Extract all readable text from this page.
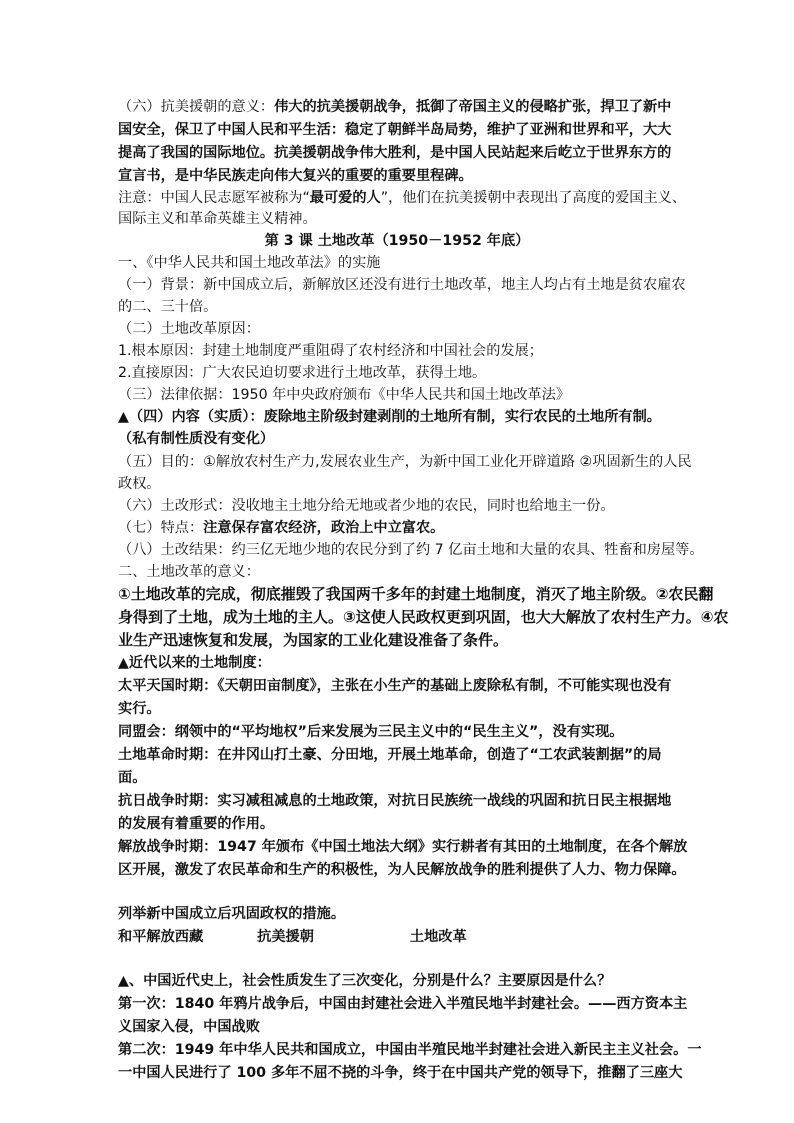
（六）抗美援朝的意义：伟大的抗美援朝战争，抵御了帝国主义的侵略扩张，捍卫了新中
国安全，保卫了中国人民和平生活：稳定了朝鲜半岛局势，维护了亚洲和世界和平，大大
提高了我国的国际地位。抗美援朝战争伟大胜利，是中国人民站起来后屹立于世界东方的
宣言书，是中华民族走向伟大复兴的重要的重要里程碑。
注意：中国人民志愿军被称为“最可爱的人”，他们在抗美援朝中表现出了高度的爱国主义、
国际主义和革命英雄主义精神。
第 3 课 土地改革（1950－1952 年底）
一、《中华人民共和国土地改革法》的实施
（一）背景：新中国成立后，新解放区还没有进行土地改革，地主人均占有土地是贫农雇农
的二、三十倍。
（二）土地改革原因：
1.根本原因：封建土地制度严重阻碍了农村经济和中国社会的发展；
2.直接原因：广大农民迫切要求进行土地改革，获得土地。
（三）法律依据：1950 年中央政府颁布《中华人民共和国土地改革法》
▲（四）内容（实质）：废除地主阶级封建剥削的土地所有制，实行农民的土地所有制。
（私有制性质没有变化）
（五）目的：①解放农村生产力,发展农业生产，为新中国工业化开辟道路 ②巩固新生的人民
政权。
（六）土改形式：没收地主土地分给无地或者少地的农民，同时也给地主一份。
（七）特点：注意保存富农经济，政治上中立富农。
（八）土改结果：约三亿无地少地的农民分到了约 7 亿亩土地和大量的农具、牲畜和房屋等。
二、土地改革的意义：
①土地改革的完成，彻底摧毁了我国两千多年的封建土地制度，消灭了地主阶级。②农民翻
身得到了土地，成为土地的主人。③这使人民政权更到巩固，也大大解放了农村生产力。④农
业生产迅速恢复和发展，为国家的工业化建设准备了条件。
▲近代以来的土地制度：
太平天国时期：《天朝田亩制度》，主张在小生产的基础上废除私有制，不可能实现也没有
实行。
同盟会：纲领中的“平均地权”后来发展为三民主义中的“民生主义”，没有实现。
土地革命时期：在井冈山打土豪、分田地，开展土地革命，创造了“工农武装割据”的局
面。
抗日战争时期：实习减租减息的土地政策，对抗日民族统一战线的巩固和抗日民主根据地
的发展有着重要的作用。
解放战争时期：1947 年颁布《中国土地法大纲》实行耕者有其田的土地制度，在各个解放
区开展，激发了农民革命和生产的积极性，为人民解放战争的胜利提供了人力、物力保障。
列举新中国成立后巩固政权的措施。
和平解放西藏	抗美援朝	土地改革
▲、中国近代史上，社会性质发生了三次变化，分别是什么？主要原因是什么？
第一次：1840 年鸦片战争后，中国由封建社会进入半殖民地半封建社会。——西方资本主
义国家入侵，中国战败
第二次：1949 年中华人民共和国成立，中国由半殖民地半封建社会进入新民主主义社会。一
一中国人民进行了 100 多年不屈不挠的斗争，终于在中国共产党的领导下，推翻了三座大
